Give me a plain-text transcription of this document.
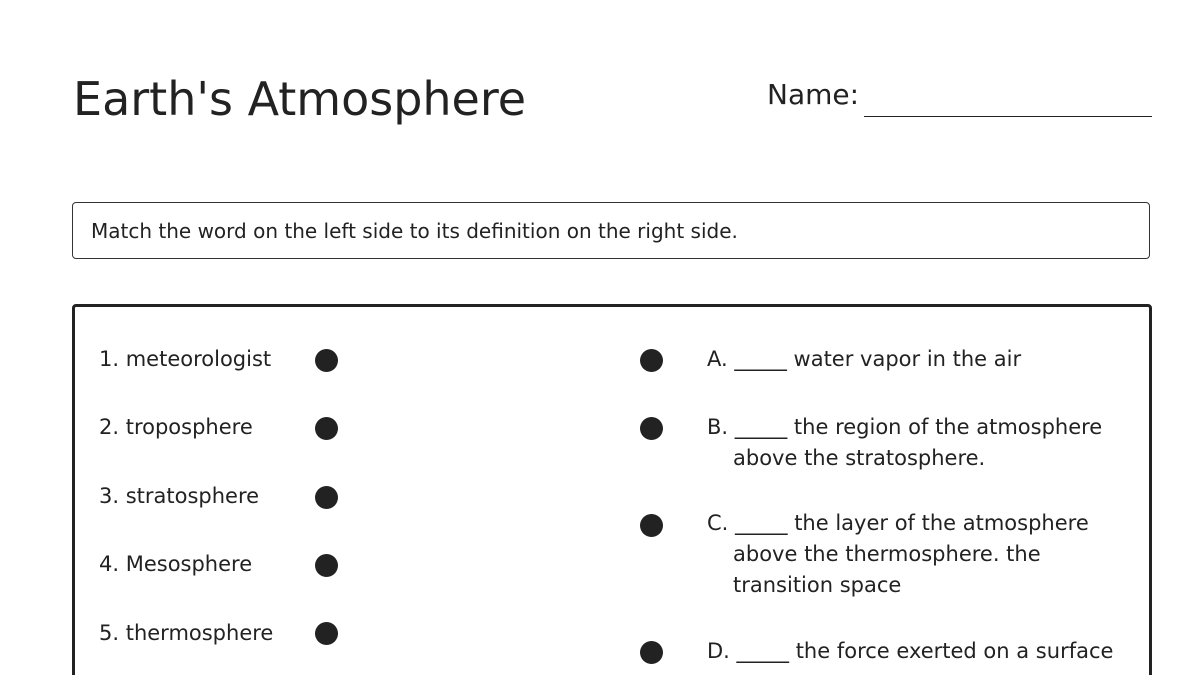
Earth's Atmosphere	Name:
Match the word on the left side to its definition on the right side.
1. meteorologist
2. troposphere
3. stratosphere
4. Mesosphere
5. thermosphere
A. _____ water vapor in the air
B. _____ the region of the atmosphere
above the stratosphere.
C. _____ the layer of the atmosphere
above the thermosphere. the
transition space
D. _____ the force exerted on a surface
